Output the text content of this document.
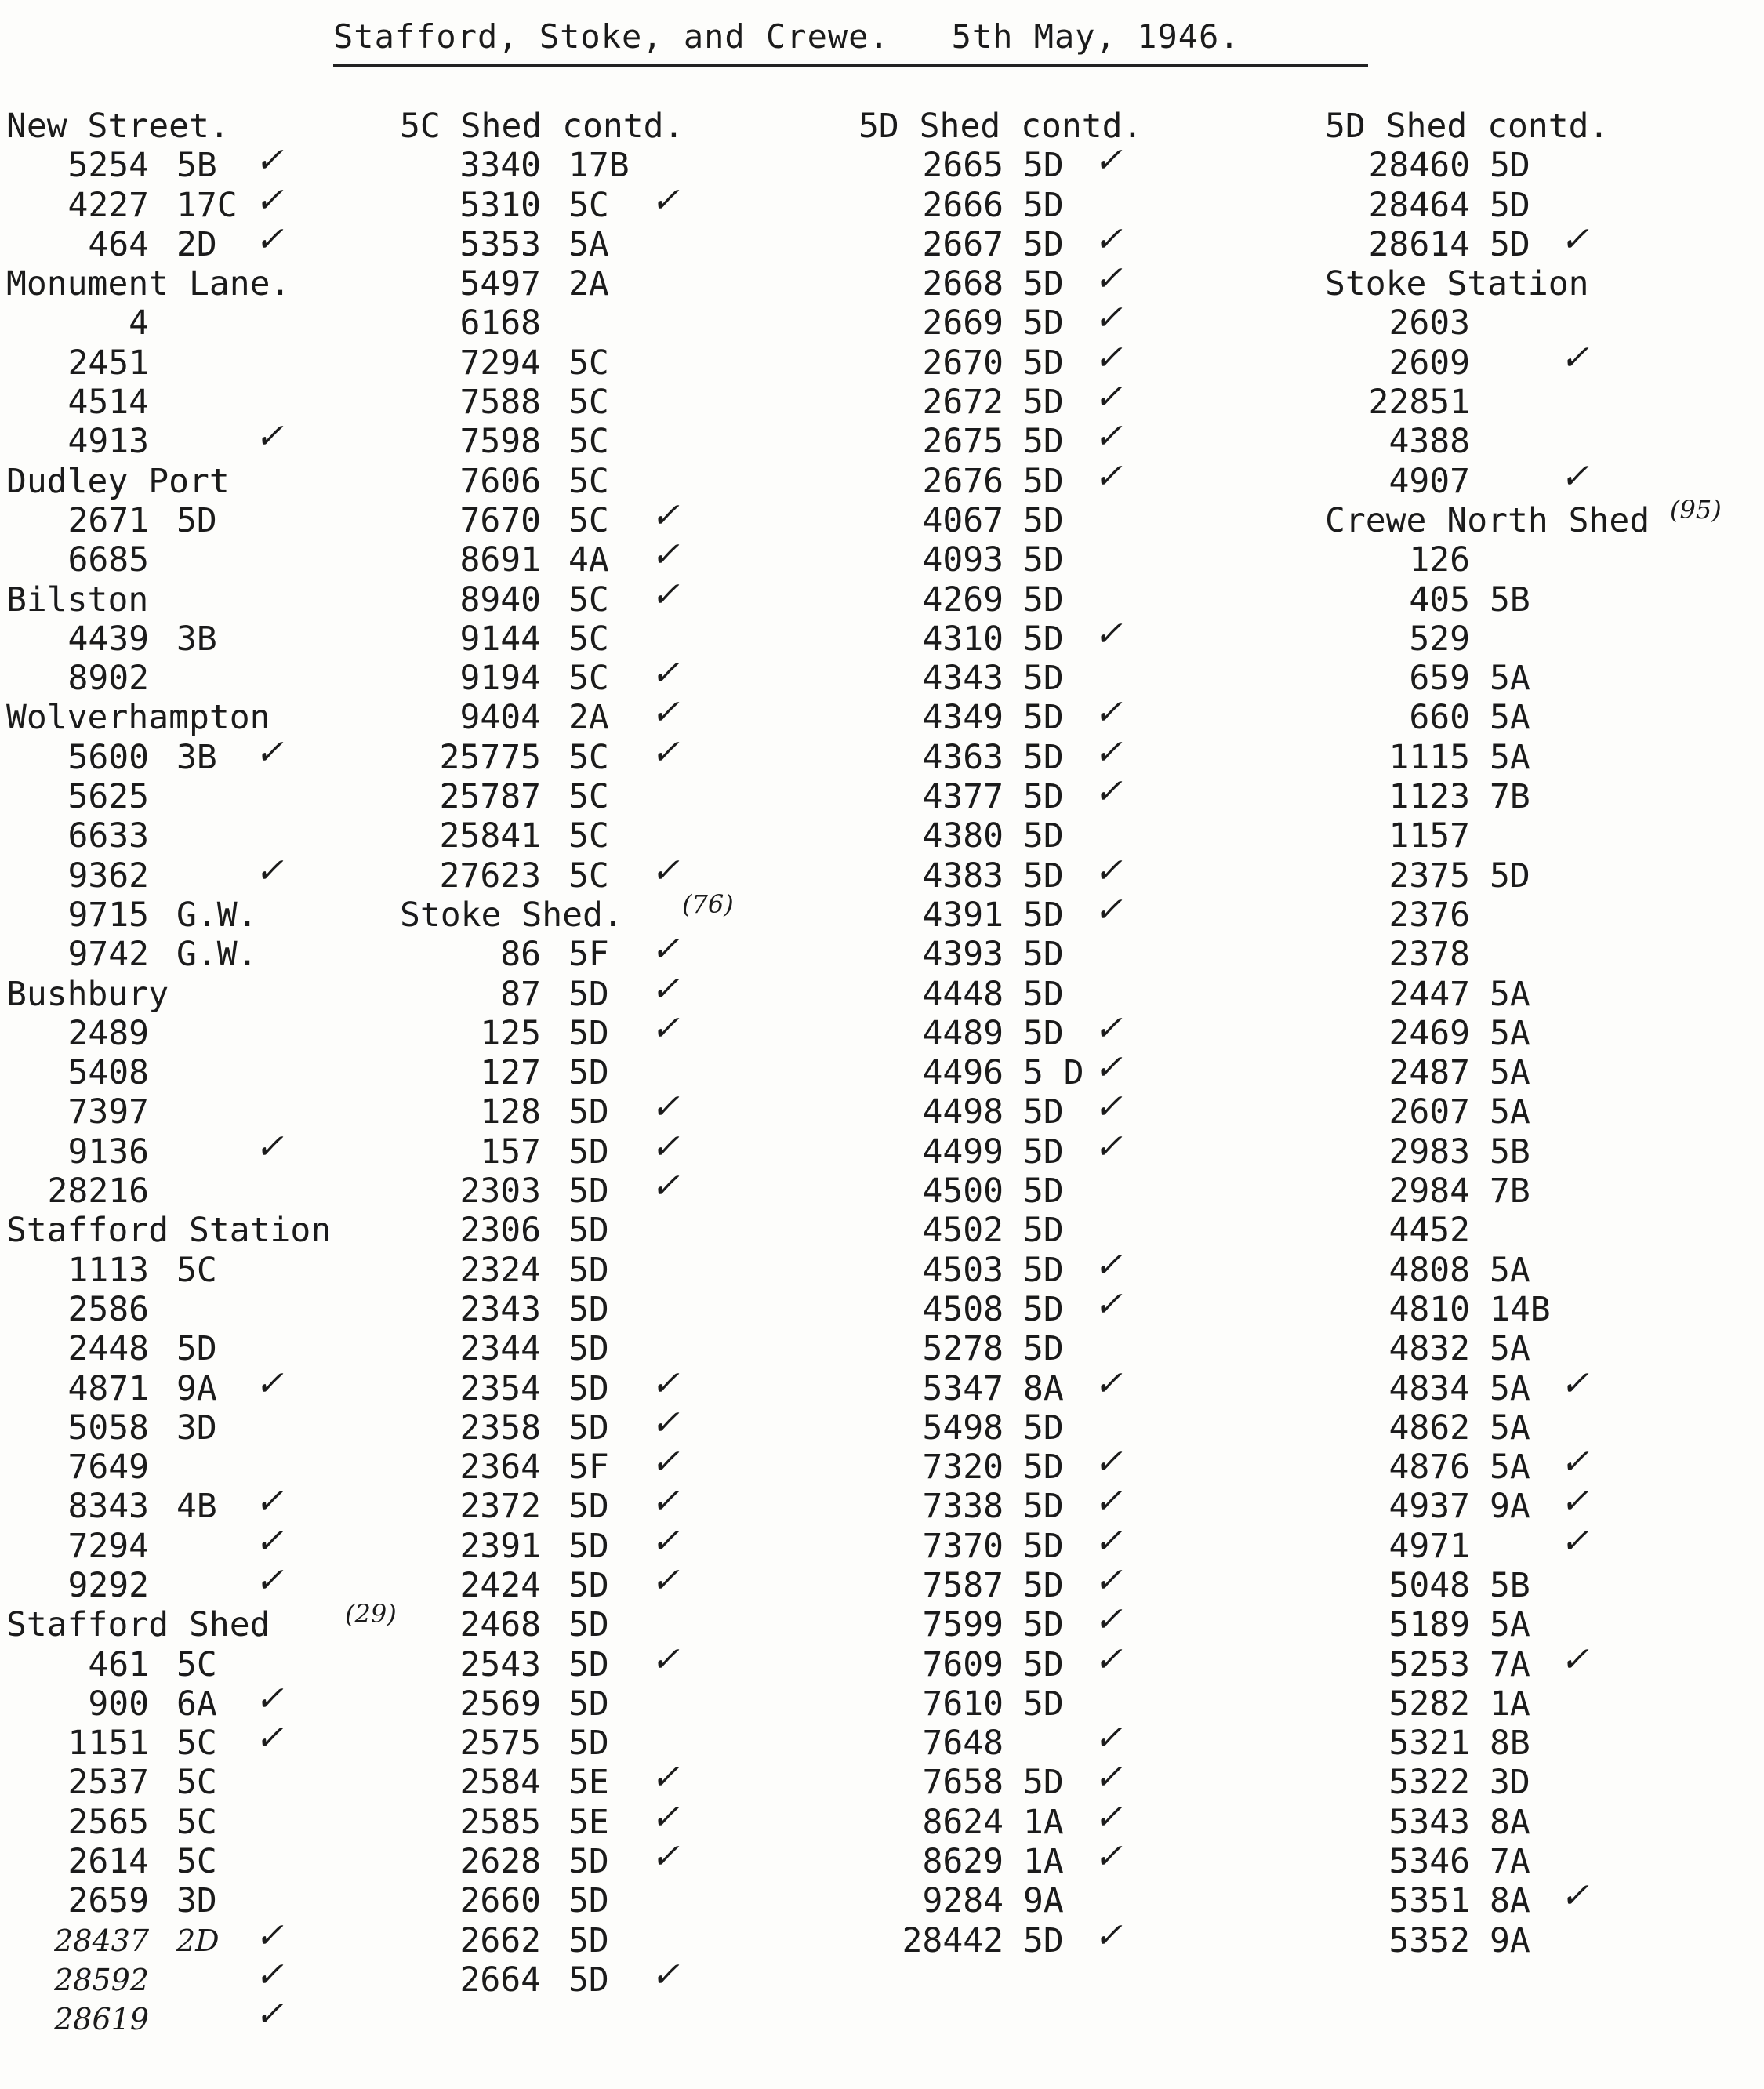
Stafford, Stoke, and Crewe.   5th May, 1946.
New Street.
5254 5B ✓
4227 17C ✓
464 2D ✓
Monument Lane.
4
2451
4514
4913	✓
Dudley Port
2671 5D
6685
Bilston
4439 3B
8902
Wolverhampton
5600 3B ✓
5625
6633
9362	✓
9715 G.W.
9742 G.W.
Bushbury
2489
5408
7397
9136	✓
28216
Stafford Station
1113 5C
2586
2448 5D
4871 9A ✓
5058 3D
7649
8343 4B ✓
7294	✓
9292	✓
Stafford Shed	(29)
461 5C
900 6A ✓
1151 5C ✓
2537 5C
2565 5C
2614 5C
2659 3D
28437 2D ✓
28592	✓
28619	✓
5C Shed contd.
3340 17B
5310 5C ✓
5353 5A
5497 2A
6168
7294 5C
7588 5C
7598 5C
7606 5C
7670 5C ✓
8691 4A ✓
8940 5C ✓
9144 5C
9194 5C ✓
9404 2A ✓
25775 5C ✓
25787 5C
25841 5C
27623 5C ✓
Stoke Shed. (76)
86 5F ✓
87 5D ✓
125 5D ✓
127 5D
128 5D ✓
157 5D ✓
2303 5D ✓
2306 5D
2324 5D
2343 5D
2344 5D
2354 5D ✓
2358 5D ✓
2364 5F ✓
2372 5D ✓
2391 5D ✓
2424 5D ✓
2468 5D
2543 5D ✓
2569 5D
2575 5D
2584 5E ✓
2585 5E ✓
2628 5D ✓
2660 5D
2662 5D
2664 5D ✓
5D Shed contd.
2665 5D ✓
2666 5D
2667 5D ✓
2668 5D ✓
2669 5D ✓
2670 5D ✓
2672 5D ✓
2675 5D ✓
2676 5D ✓
4067 5D
4093 5D
4269 5D
4310 5D ✓
4343 5D
4349 5D ✓
4363 5D ✓
4377 5D ✓
4380 5D
4383 5D ✓
4391 5D ✓
4393 5D
4448 5D
4489 5D ✓
4496 5 D ✓
4498 5D ✓
4499 5D ✓
4500 5D
4502 5D
4503 5D ✓
4508 5D ✓
5278 5D
5347 8A ✓
5498 5D
7320 5D ✓
7338 5D ✓
7370 5D ✓
7587 5D ✓
7599 5D ✓
7609 5D ✓
7610 5D
7648	✓
7658 5D ✓
8624 1A ✓
8629 1A ✓
9284 9A
28442 5D ✓
5D Shed contd.
28460 5D
28464 5D
28614 5D ✓
Stoke Station
2603
2609	✓
22851
4388
4907	✓
Crewe North Shed (95)
126
405 5B
529
659 5A
660 5A
1115 5A
1123 7B
1157
2375 5D
2376
2378
2447 5A
2469 5A
2487 5A
2607 5A
2983 5B
2984 7B
4452
4808 5A
4810 14B
4832 5A
4834 5A ✓
4862 5A
4876 5A ✓
4937 9A ✓
4971	✓
5048 5B
5189 5A
5253 7A ✓
5282 1A
5321 8B
5322 3D
5343 8A
5346 7A
5351 8A ✓
5352 9A
